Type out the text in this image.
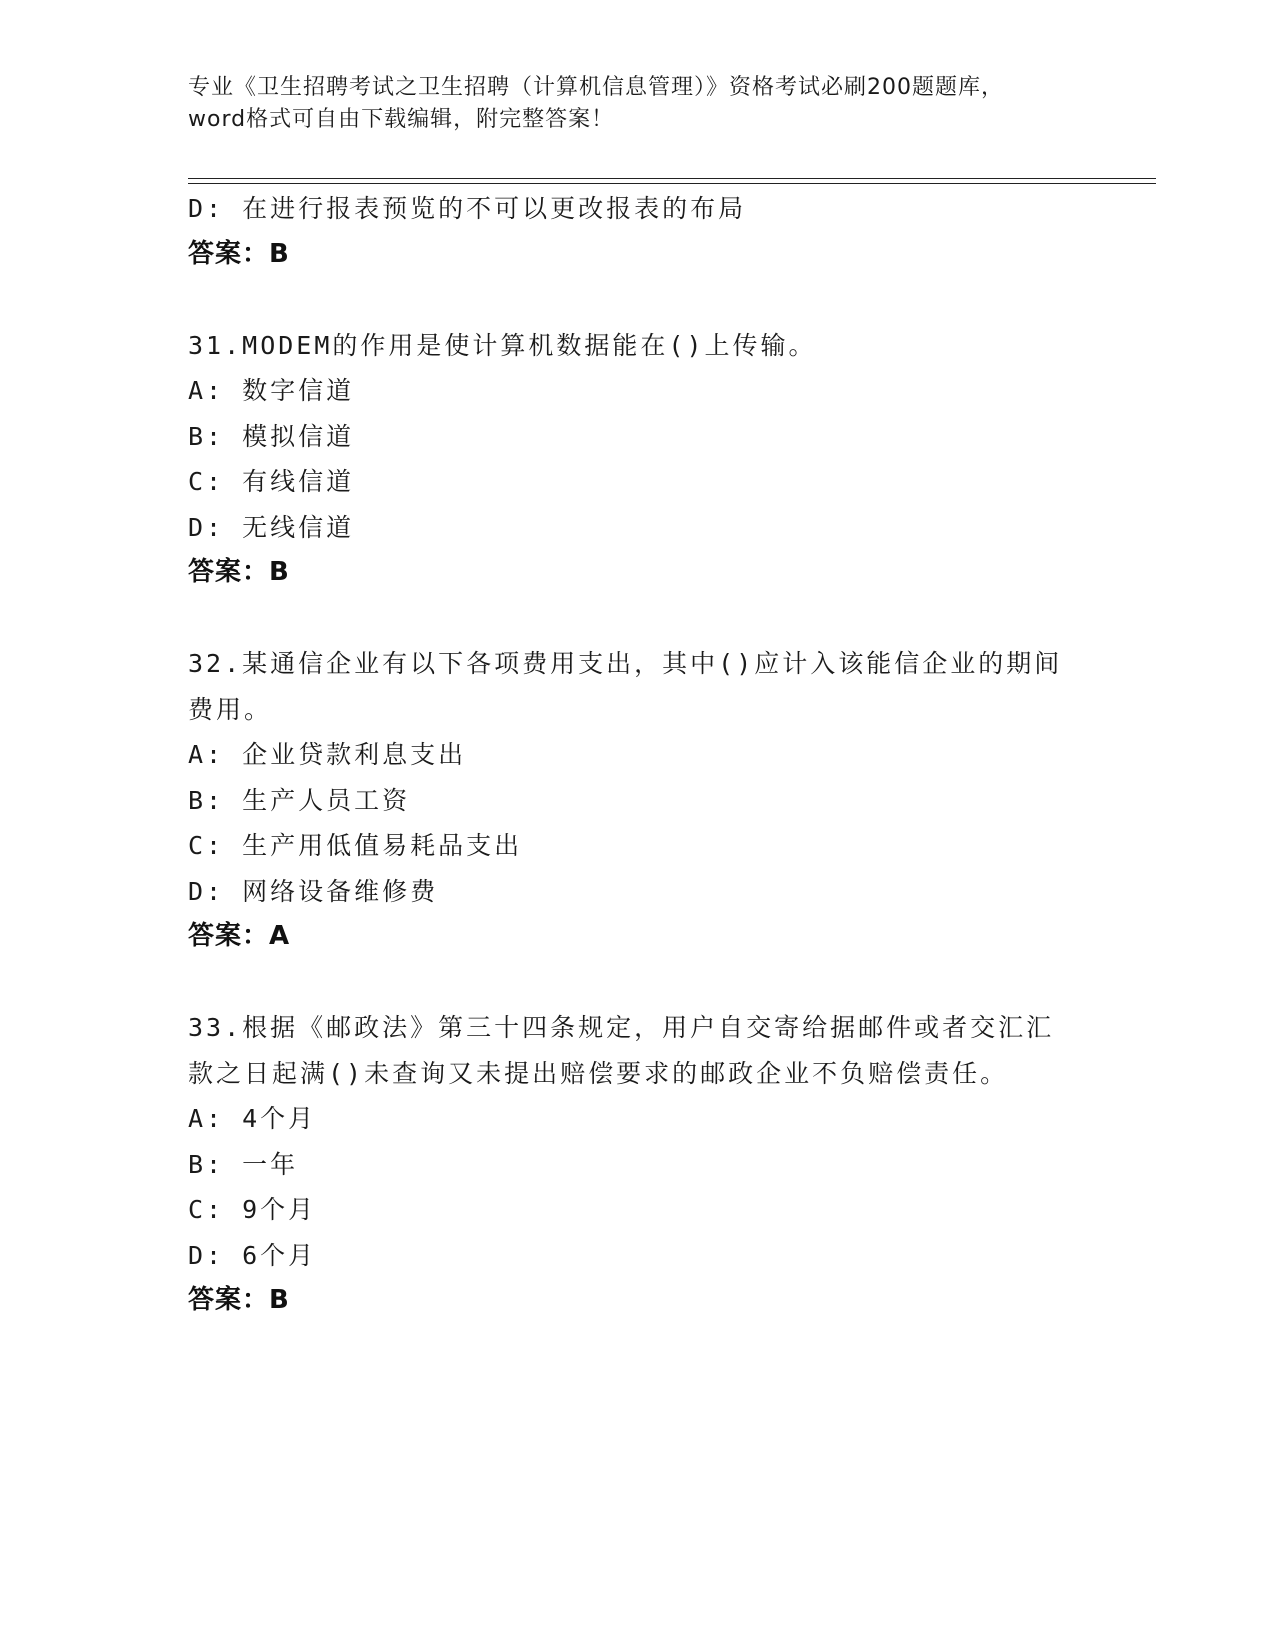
专业《卫生招聘考试之卫生招聘（计算机信息管理）》资格考试必刷200题题库，
word格式可自由下载编辑，附完整答案！
D: 在进行报表预览的不可以更改报表的布局
答案：B
31.MODEM的作用是使计算机数据能在()上传输。
A: 数字信道
B: 模拟信道
C: 有线信道
D: 无线信道
答案：B
32.某通信企业有以下各项费用支出，其中()应计入该能信企业的期间
费用。
A: 企业贷款利息支出
B: 生产人员工资
C: 生产用低值易耗品支出
D: 网络设备维修费
答案：A
33.根据《邮政法》第三十四条规定，用户自交寄给据邮件或者交汇汇
款之日起满()未查询又未提出赔偿要求的邮政企业不负赔偿责任。
A: 4个月
B: 一年
C: 9个月
D: 6个月
答案：B
